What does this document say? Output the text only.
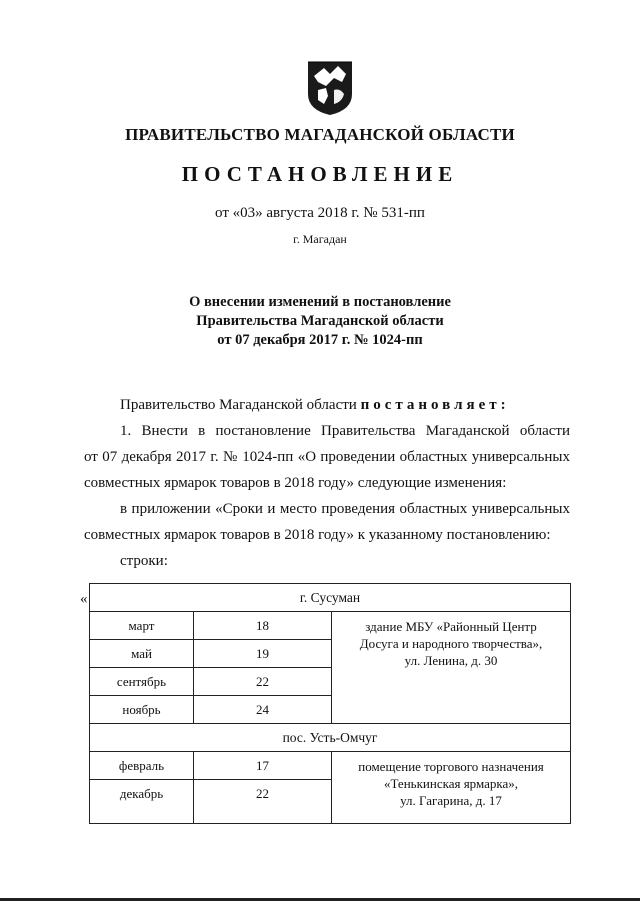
ПРАВИТЕЛЬСТВО МАГАДАНСКОЙ ОБЛАСТИ
ПОСТАНОВЛЕНИЕ
от «03» августа 2018 г. № 531-пп
г. Магадан
О внесении изменений в постановление
Правительства Магаданской области
от 07 декабря 2017 г. № 1024-пп

Правительство Магаданской области постановляет:

1. Внести в постановление Правительства Магаданской области

от 07 декабря 2017 г. № 1024-пп «О проведении областных универсальных

совместных ярмарок товаров в 2018 году» следующие изменения:

в приложении «Сроки и место проведения областных универсальных

совместных ярмарок товаров в 2018 году» к указанному постановлению:

строки:

«	г. Сусуман		
март	18	здание МБУ «Районный Центр
Досуга и народного творчества»,
ул. Ленина, д. 30

май	19	
сентябрь	22	
ноябрь	24	
пос. Усть-Омчуг		
февраль	17	помещение торгового назначения
«Тенькинская ярмарка»,
ул. Гагарина, д. 17

декабрь	22	
